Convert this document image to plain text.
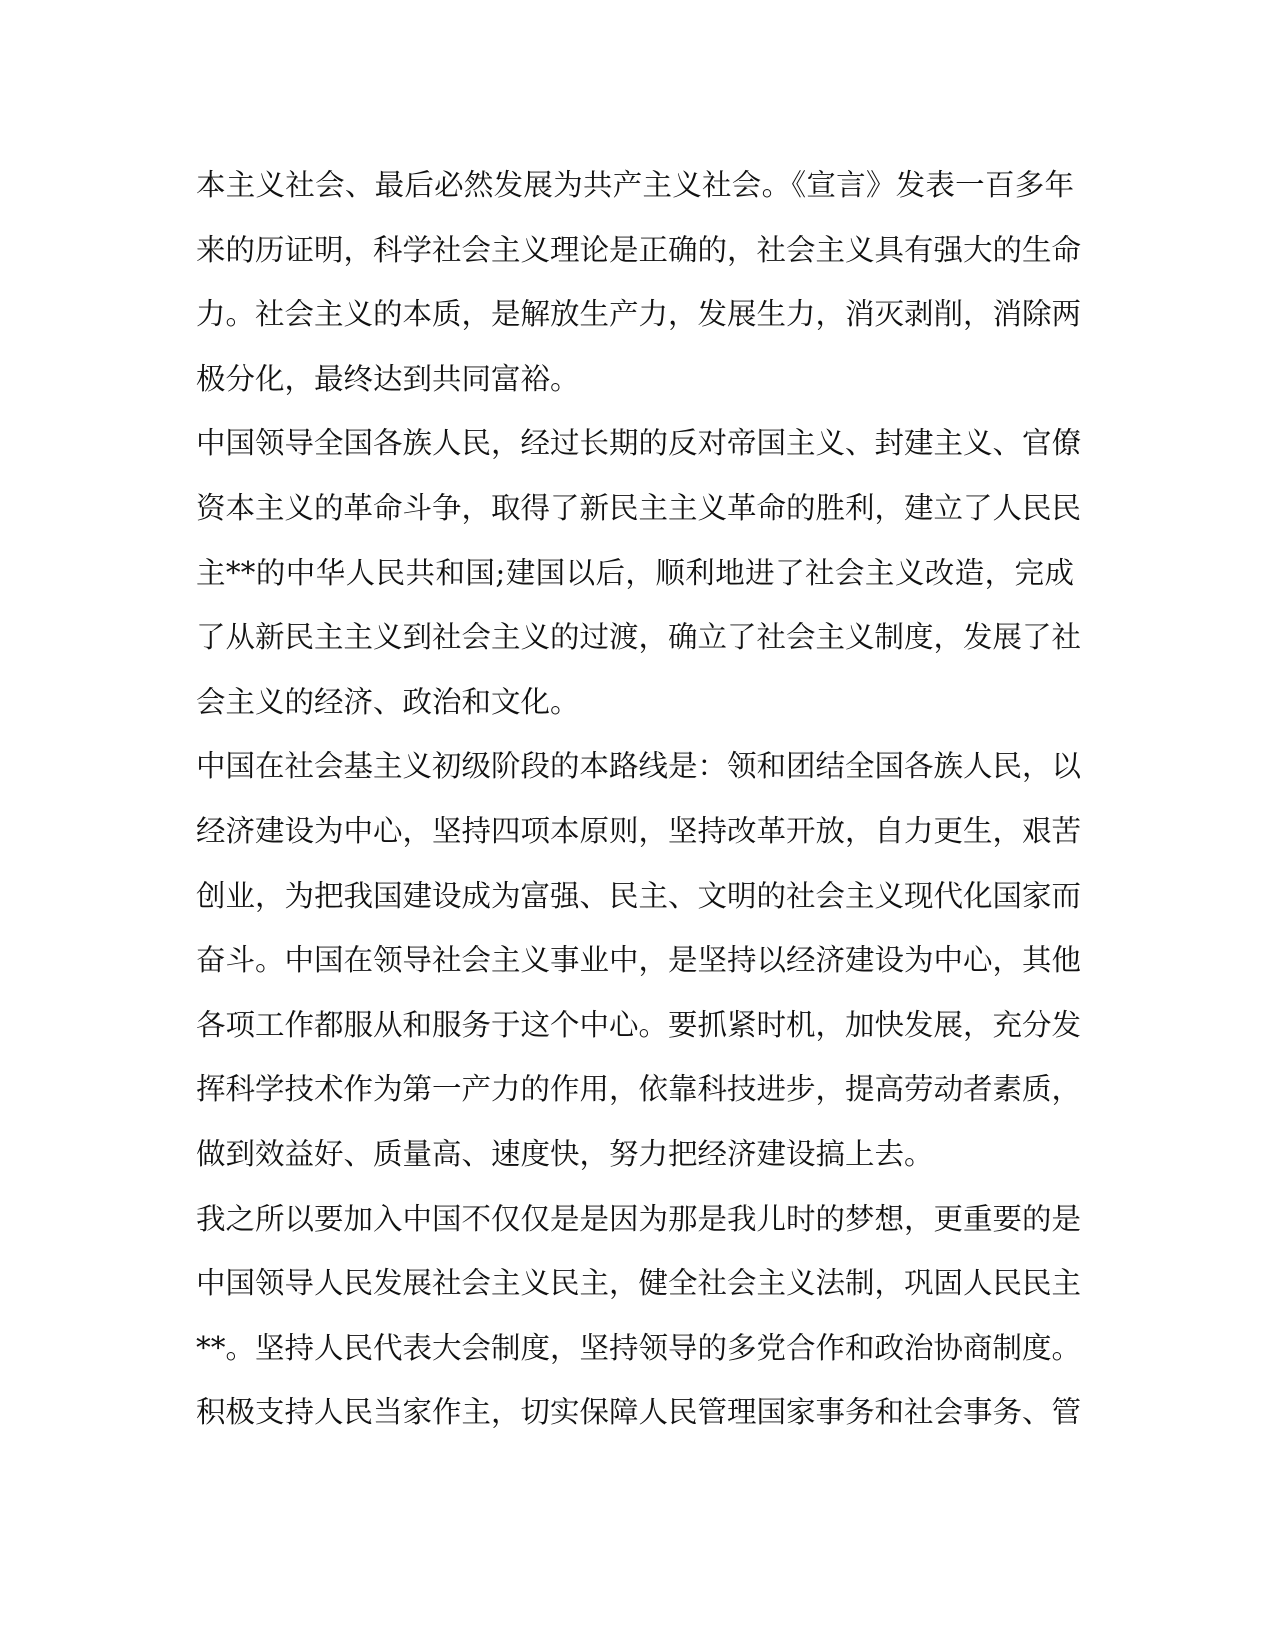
本主义社会、最后必然发展为共产主义社会。《宣言》发表一百多年
来的历证明，科学社会主义理论是正确的，社会主义具有强大的生命
力。社会主义的本质，是解放生产力，发展生力，消灭剥削，消除两
极分化，最终达到共同富裕。
中国领导全国各族人民，经过长期的反对帝国主义、封建主义、官僚
资本主义的革命斗争，取得了新民主主义革命的胜利，建立了人民民
主**的中华人民共和国;建国以后，顺利地进了社会主义改造，完成
了从新民主主义到社会主义的过渡，确立了社会主义制度，发展了社
会主义的经济、政治和文化。
中国在社会基主义初级阶段的本路线是：领和团结全国各族人民，以
经济建设为中心，坚持四项本原则，坚持改革开放，自力更生，艰苦
创业，为把我国建设成为富强、民主、文明的社会主义现代化国家而
奋斗。中国在领导社会主义事业中，是坚持以经济建设为中心，其他
各项工作都服从和服务于这个中心。要抓紧时机，加快发展，充分发
挥科学技术作为第一产力的作用，依靠科技进步，提高劳动者素质，
做到效益好、质量高、速度快，努力把经济建设搞上去。
我之所以要加入中国不仅仅是是因为那是我儿时的梦想，更重要的是
中国领导人民发展社会主义民主，健全社会主义法制，巩固人民民主
**。坚持人民代表大会制度，坚持领导的多党合作和政治协商制度。
积极支持人民当家作主，切实保障人民管理国家事务和社会事务、管
